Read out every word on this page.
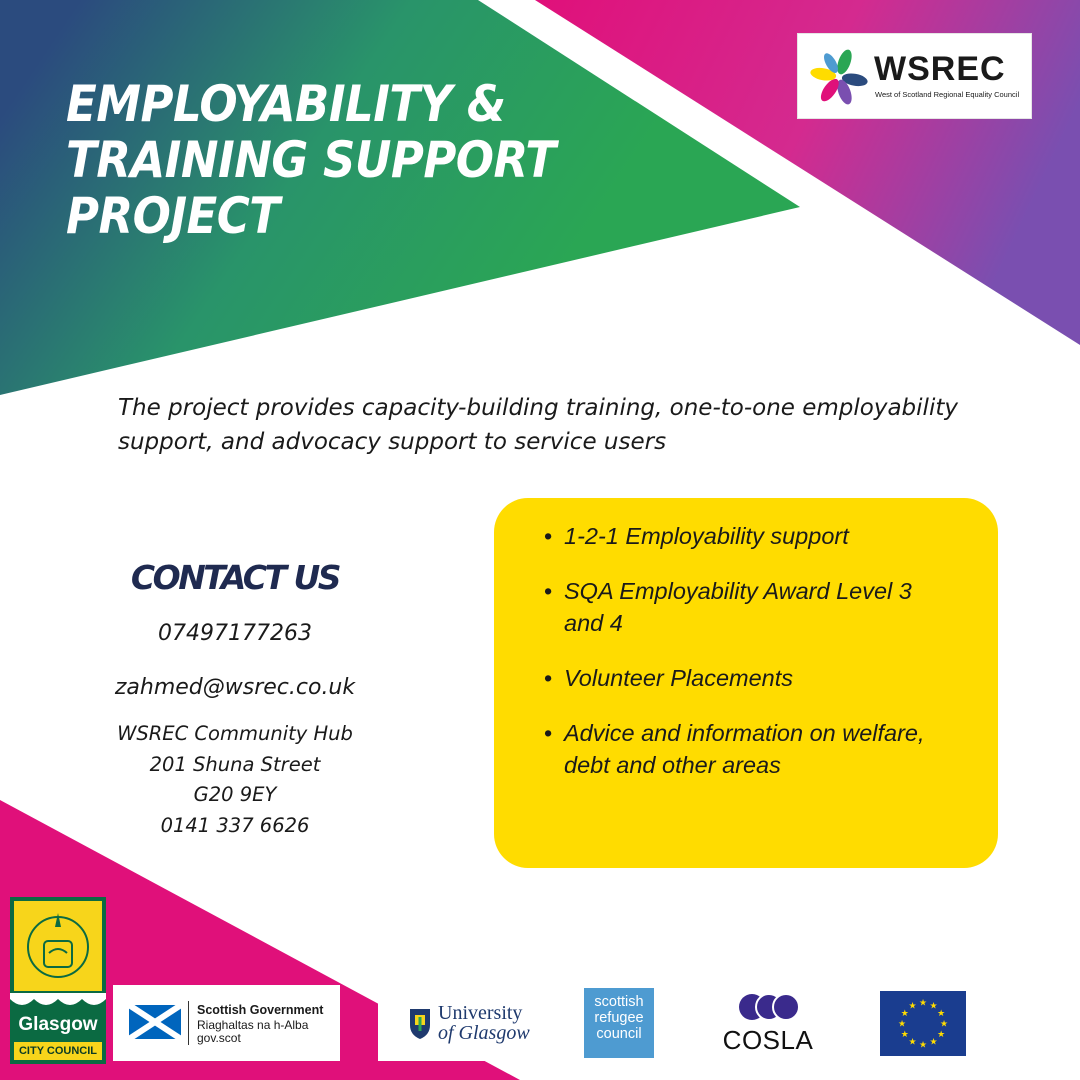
EMPLOYABILITY &
TRAINING SUPPORT
PROJECT
WSREC
West of Scotland Regional Equality Council

The project provides capacity-building training, one-to-one employability support, and advocacy support to service users

CONTACT US
07497177263
zahmed@wsrec.co.uk
WSREC Community Hub
201 Shuna Street
G20 9EY
0141 337 6626
• 1-2-1 Employability support
• SQA Employability Award Level 3 and 4
• Volunteer Placements
• Advice and information on welfare, debt and other areas
Glasgow
CITY COUNCIL
Scottish Government
Riaghaltas na h-Alba
gov.scot
University
of Glasgow
scottish
refugee
council	COSLA
★ ★
★
★
★
★
★
★
★
★
★
★
